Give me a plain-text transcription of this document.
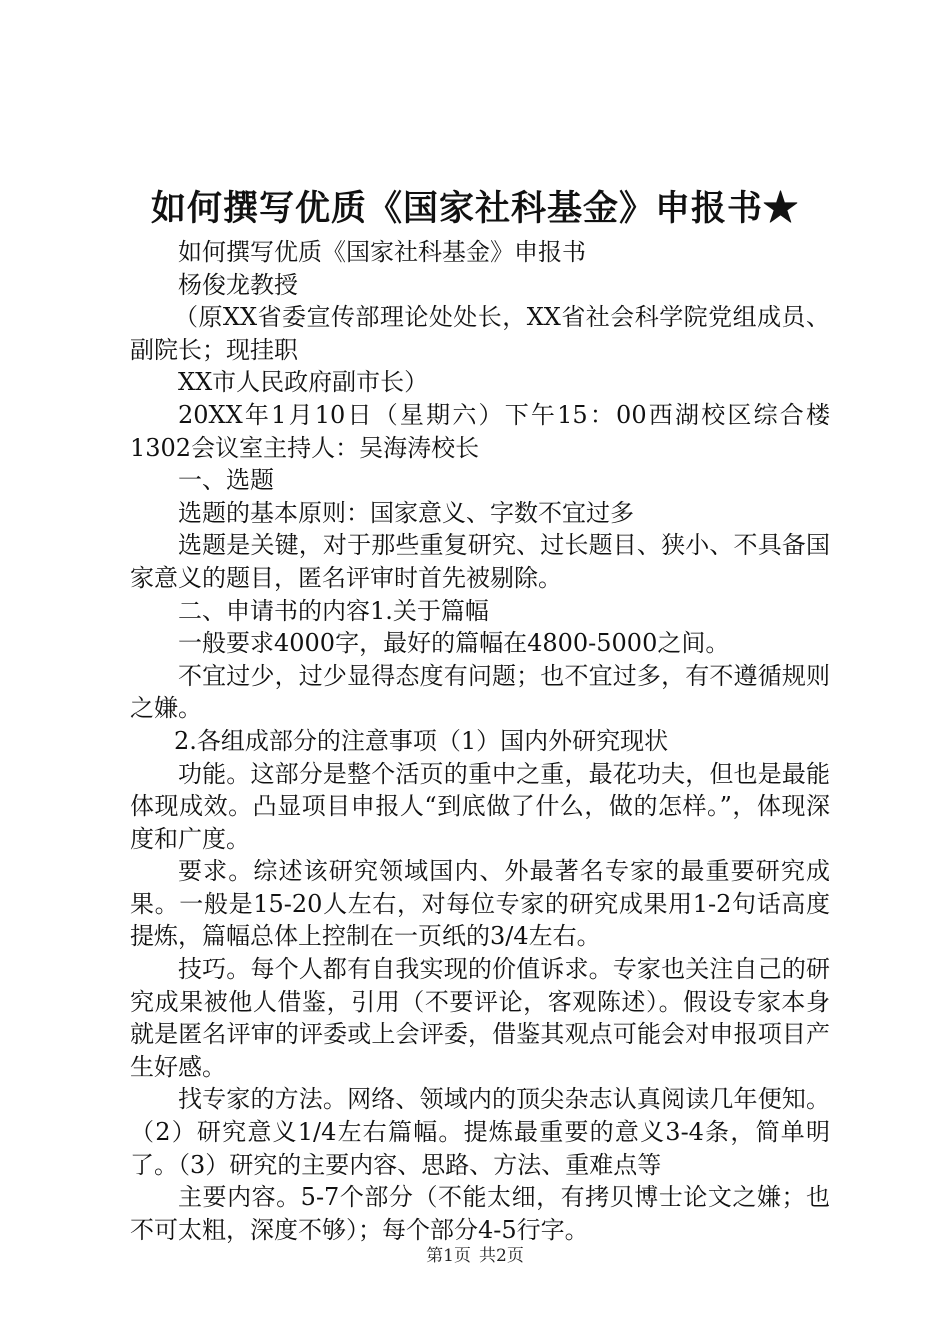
如何撰写优质《国家社科基金》申报书★

如何撰写优质《国家社科基金》申报书

杨俊龙教授

（原XX省委宣传部理论处处长，XX省社会科学院党组成员、副院长；现挂职

XX市人民政府副市长）

20XX年1月10日（星期六）下午15：00西湖校区综合楼1302会议室主持人：吴海涛校长

一、选题

选题的基本原则：国家意义、字数不宜过多

选题是关键，对于那些重复研究、过长题目、狭小、不具备国家意义的题目，匿名评审时首先被剔除。

二、申请书的内容1.关于篇幅

一般要求4000字，最好的篇幅在4800-5000之间。

不宜过少，过少显得态度有问题；也不宜过多，有不遵循规则之嫌。

2.各组成部分的注意事项（1）国内外研究现状

功能。这部分是整个活页的重中之重，最花功夫，但也是最能体现成效。凸显项目申报人“到底做了什么，做的怎样。”，体现深度和广度。

要求。综述该研究领域国内、外最著名专家的最重要研究成果。一般是15-20人左右，对每位专家的研究成果用1-2句话高度提炼，篇幅总体上控制在一页纸的3/4左右。

技巧。每个人都有自我实现的价值诉求。专家也关注自己的研究成果被他人借鉴，引用（不要评论，客观陈述）。假设专家本身就是匿名评审的评委或上会评委，借鉴其观点可能会对申报项目产生好感。

找专家的方法。网络、领域内的顶尖杂志认真阅读几年便知。（2）研究意义1/4左右篇幅。提炼最重要的意义3-4条，简单明了。（3）研究的主要内容、思路、方法、重难点等

主要内容。5-7个部分（不能太细，有拷贝博士论文之嫌；也不可太粗，深度不够）；每个部分4-5行字。

第1页 共2页
